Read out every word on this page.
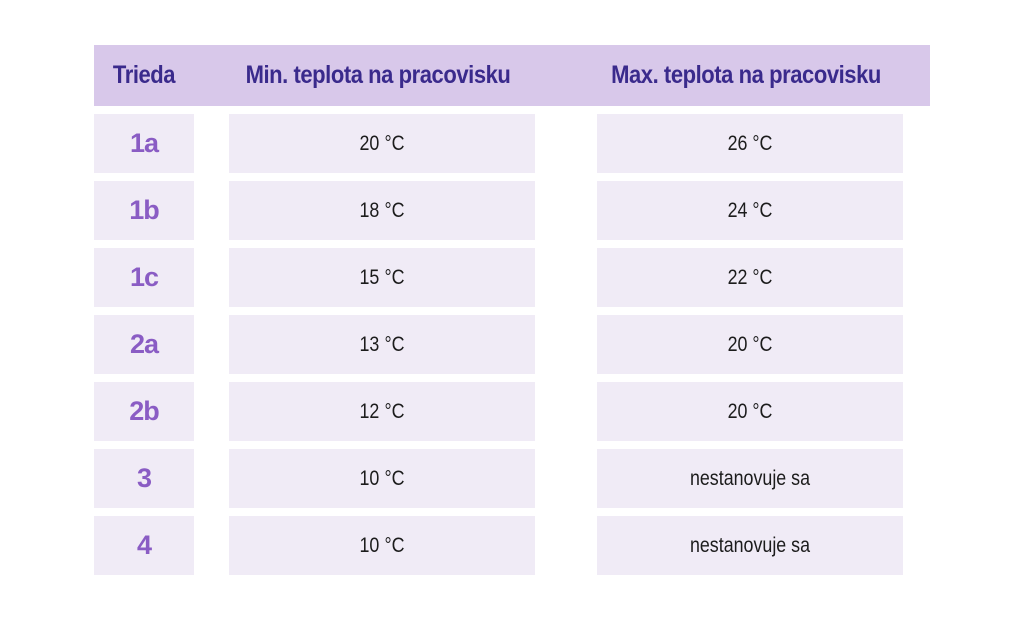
Trieda	Min. teplota na pracovisku	Max. teplota na pracovisku
1a	20 °C	26 °C
1b	18 °C	24 °C
1c	15 °C	22 °C
2a	13 °C	20 °C
2b	12 °C	20 °C
3	10 °C	nestanovuje sa
4	10 °C	nestanovuje sa
